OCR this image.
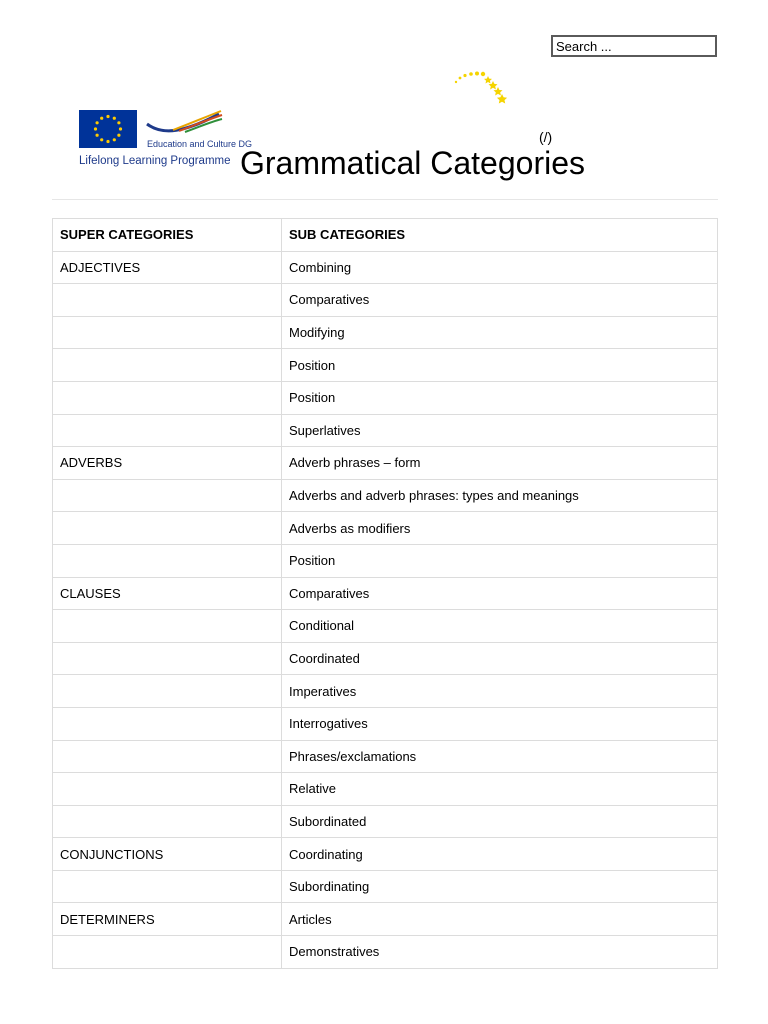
Search ...
Education and Culture DG
Lifelong Learning Programme
(/)
Grammatical Categories
SUPER CATEGORIES	SUB CATEGORIES
ADJECTIVES	Combining
	Comparatives
	Modifying
	Position
	Position
	Superlatives
ADVERBS	Adverb phrases – form
	Adverbs and adverb phrases: types and meanings
	Adverbs as modifiers
	Position
CLAUSES	Comparatives
	Conditional
	Coordinated
	Imperatives
	Interrogatives
	Phrases/exclamations
	Relative
	Subordinated
CONJUNCTIONS	Coordinating
	Subordinating
DETERMINERS	Articles
	Demonstratives
